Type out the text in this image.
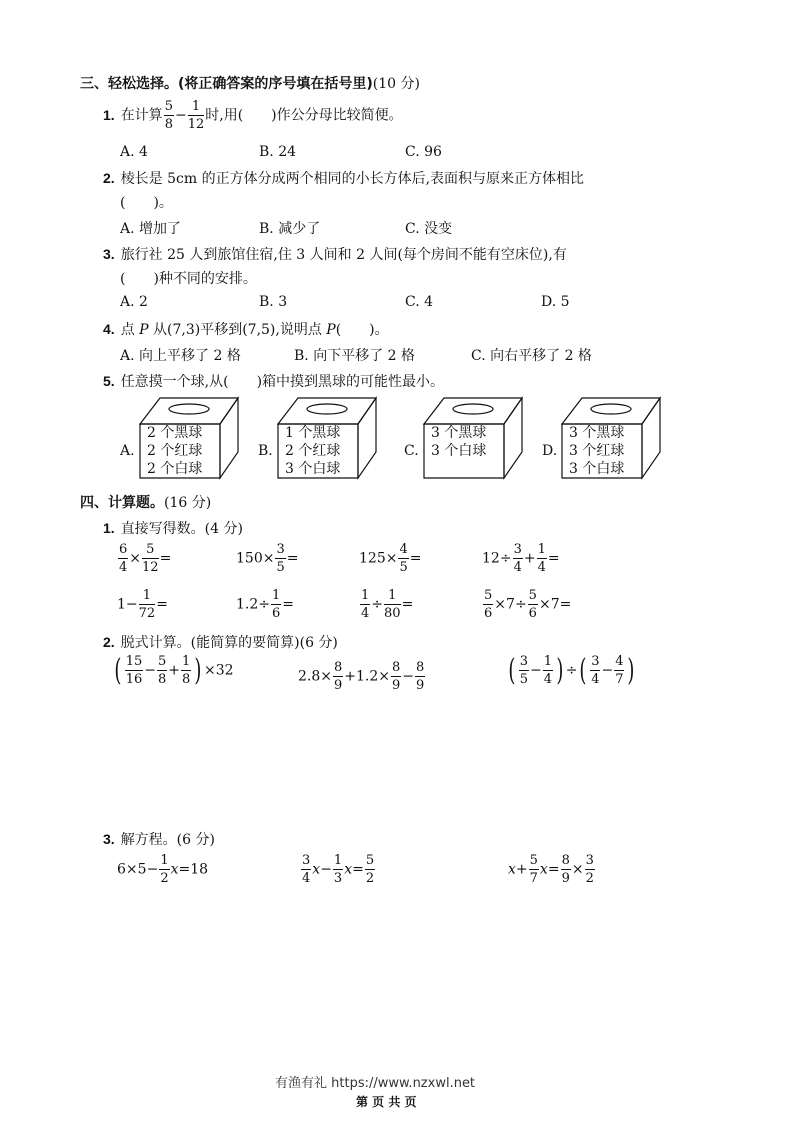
三、轻松选择。(将正确答案的序号填在括号里)(10 分)
1. 在计算 $\frac{5}{8} - \frac{1}{12}$ 时,用(　　)作公分母比较简便。
A. 4	B. 24	C. 96
2. 棱长是 5cm 的正方体分成两个相同的小长方体后,表面积与原来正方体相比
(　　)。
A. 增加了	B. 减少了	C. 没变
3. 旅行社 25 人到旅馆住宿,住 3 人间和 2 人间(每个房间不能有空床位),有
(　　)种不同的安排。
A. 2	B. 3	C. 4	D. 5
4. 点 P 从(7,3)平移到(7,5),说明点 P(　　)。
A. 向上平移了 2 格	B. 向下平移了 2 格	C. 向右平移了 2 格
5. 任意摸一个球,从(　　)箱中摸到黑球的可能性最小。
A.
2 个黑球
2 个红球
2 个白球
B.
1 个黑球
2 个红球
3 个白球
C.
3 个黑球
3 个白球	D.
3 个黑球
3 个红球
3 个白球
四、计算题。(16 分)
1. 直接写得数。(4 分)
$\frac{6}{4} \times \frac{5}{12}$ =	$150\times \frac{3}{5}$ =	$125\times \frac{4}{5}$ =	$12\div \frac{3}{4} + \frac{1}{4}$ =
$1- \frac{1}{72}$ =	$1.2\div \frac{1}{6}$ =	$\frac{1}{4} \div \frac{1}{80}$ =	$\frac{5}{6} \times 7\div \frac{5}{6} \times 7=$
2. 脱式计算。(能简算的要简算)(6 分)
( $\frac{15}{16} - \frac{5}{8} + \frac{1}{8}$ ) ×32	$2.8\times \frac{8}{9} +1.2\times \frac{8}{9} - \frac{8}{9}$	( $\frac{3}{5} - \frac{1}{4}$ ) ÷( $\frac{3}{4} - \frac{4}{7}$ )
3. 解方程。(6 分)
$6\times 5- \frac{1}{2} x=18$	$\frac{3}{4} x- \frac{1}{3} x= \frac{5}{2}$	$x+ \frac{5}{7} x= \frac{8}{9} \times \frac{3}{2}$
有渔有礼 https://www.nzxwl.net
第 页 共 页
